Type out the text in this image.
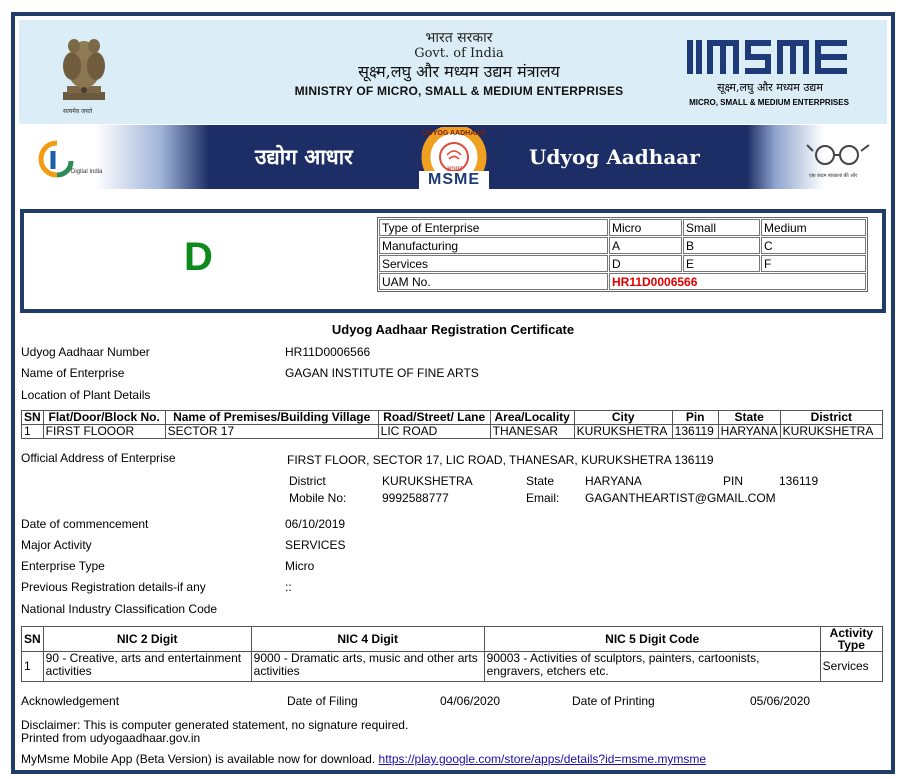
सत्यमेव जयते
भारत सरकार
Govt. of India
सूक्ष्म,लघु और मध्यम उद्यम मंत्रालय
MINISTRY OF MICRO, SMALL & MEDIUM ENTERPRISES	सूक्ष्म,लघु और मध्यम उद्यम
MICRO, SMALL & MEDIUM ENTERPRISES
Digital India
उद्योग आधार
UDYOG AADHAAR
आधार
MSME
Udyog Aadhaar
एक कदम स्वच्छता की ओर
D
Type of Enterprise	Micro	Small	Medium
Manufacturing	A	B	C
Services	D	E	F
UAM No.	HR11D0006566		
Udyog Aadhaar Registration Certificate
Udyog Aadhaar Number	HR11D0006566
Name of Enterprise	GAGAN INSTITUTE OF FINE ARTS
Location of Plant Details
SN	Flat/Door/Block No.	Name of Premises/Building Village	Road/Street/ Lane	Area/Locality	City	Pin	State	District
1	FIRST FLOOOR	SECTOR 17	LIC ROAD	THANESAR	KURUKSHETRA	136119	HARYANA	KURUKSHETRA
Official Address of Enterprise	FIRST FLOOR, SECTOR 17, LIC ROAD, THANESAR, KURUKSHETRA 136119
District	KURUKSHETRA	State	HARYANA	PIN	136119
Mobile No:	9992588777	Email: GAGANTHEARTIST@GMAIL.COM
Date of commencement	06/10/2019
Major Activity	SERVICES
Enterprise Type	Micro
Previous Registration details-if any	::
National Industry Classification Code
SN	NIC 2 Digit	NIC 4 Digit	NIC 5 Digit Code	Activity Type
1	90 - Creative, arts and entertainment activities	9000 - Dramatic arts, music and other arts activities	90003 - Activities of sculptors, painters, cartoonists, engravers, etchers etc.	Services
Acknowledgement	Date of Filing	04/06/2020	Date of Printing	05/06/2020
Disclaimer: This is computer generated statement, no signature required.
Printed from udyogaadhaar.gov.in
MyMsme Mobile App (Beta Version) is available now for download. https://play.google.com/store/apps/details?id=msme.mymsme
